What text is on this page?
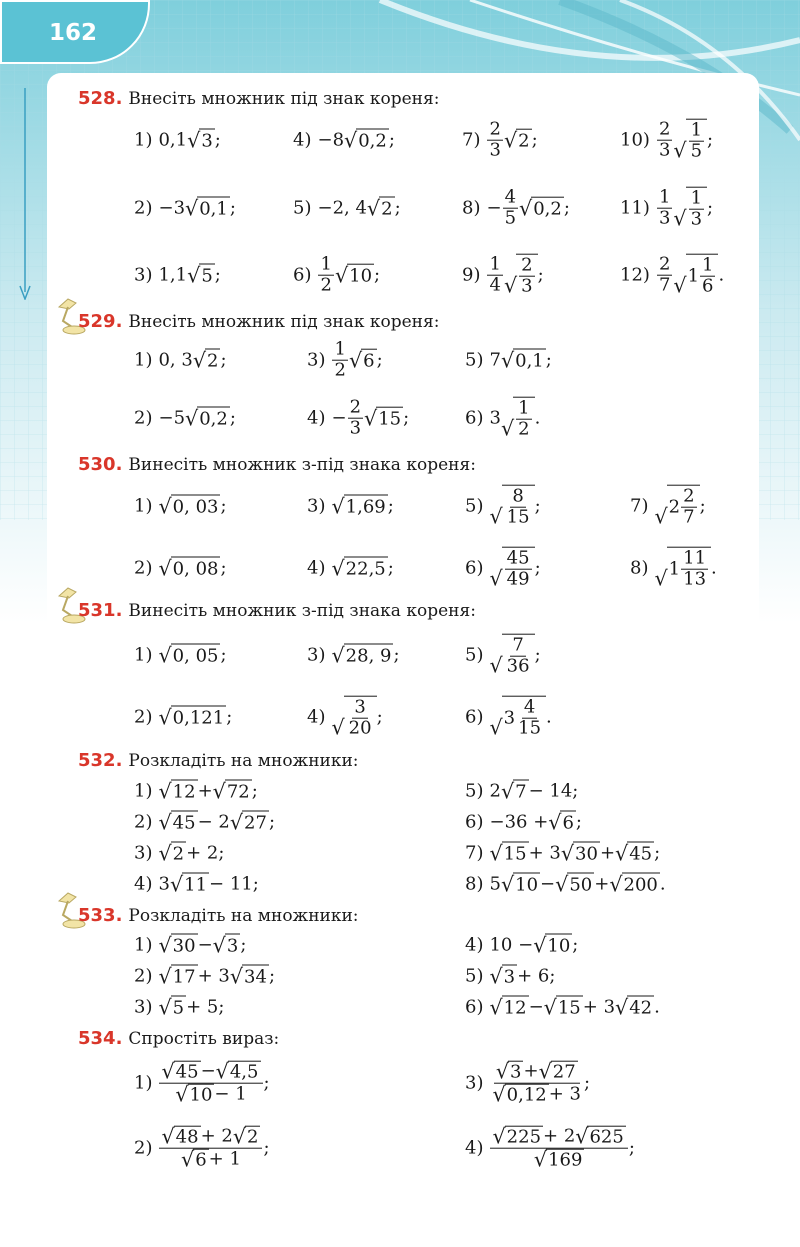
162
528. Внесіть множник під знак кореня:
1) 0,1 √ 3 ;	4) −8 √ 0,2 ;	$7) \frac{2}{3}$ √ 2 ;	$10) \frac{2}{3}$ √ $\frac{1}{5}$ ;
2) −3 √ 0,1 ;	5) −2, 4 √ 2 ;	$8) - \frac{4}{5}$ √ 0,2 ;	$11) \frac{1}{3}$ √ $\frac{1}{3}$ ;
3) 1,1 √ 5 ;	$6) \frac{1}{2}$ √ 10 ;	$9) \frac{1}{4}$ √ $\frac{2}{3}$ ;	$12) \frac{2}{7}$ √ $1 \frac{1}{6}$ .
529. Внесіть множник під знак кореня:
1) 0, 3 √ 2 ;	$3) \frac{1}{2}$ √ 6 ;	5) 7 √ 0,1 ;
2) −5 √ 0,2 ;	$4) - \frac{2}{3}$ √ 15 ;	6) 3 √ $\frac{1}{2}$ .
530. Винесіть множник з-під знака кореня:
1) √ 0, 03 ;	3) √ 1,69 ;	5) √ $\frac{8}{15}$ ;	7) √ $2 \frac{2}{7}$ ;
2) √ 0, 08 ;	4) √ 22,5 ;	6) √ $\frac{45}{49}$ ;	8) √ $1 \frac{11}{13}$ .
531. Винесіть множник з-під знака кореня:
1) √ 0, 05 ;	3) √ 28, 9 ;	5) √ $\frac{7}{36}$ ;
2) √ 0,121 ;	4) √ $\frac{3}{20}$ ;	6) √ $3 \frac{4}{15}$ .
532. Розкладіть на множники:
1) √ 12 + √ 72 ;	5) 2 √ 7 − 14;
2) √ 45 − 2 √ 27 ;	6) −36 + √ 6 ;
3) √ 2 + 2;	7) √ 15 + 3 √ 30 + √ 45 ;
4) 3 √ 11 − 11;	8) 5 √ 10 − √ 50 + √ 200 .
533. Розкладіть на множники:
1) √ 30 − √ 3 ;	4) 10 − √ 10 ;
2) √ 17 + 3 √ 34 ;	5) √ 3 + 6;
3) √ 5 + 5;	6) √ 12 − √ 15 + 3 √ 42 .
534. Спростіть вираз:
$1) \frac{√ 45 - √ 4,5}{√ 10 - 1}$ ;	$3) \frac{√ 3 + √ 27}{√ 0,12 + 3}$ ;
$2) \frac{√ 48 + 2 √ 2}{√ 6 + 1}$ ;	$4) \frac{√ 225 + 2 √ 625}{√ 169}$ ;
